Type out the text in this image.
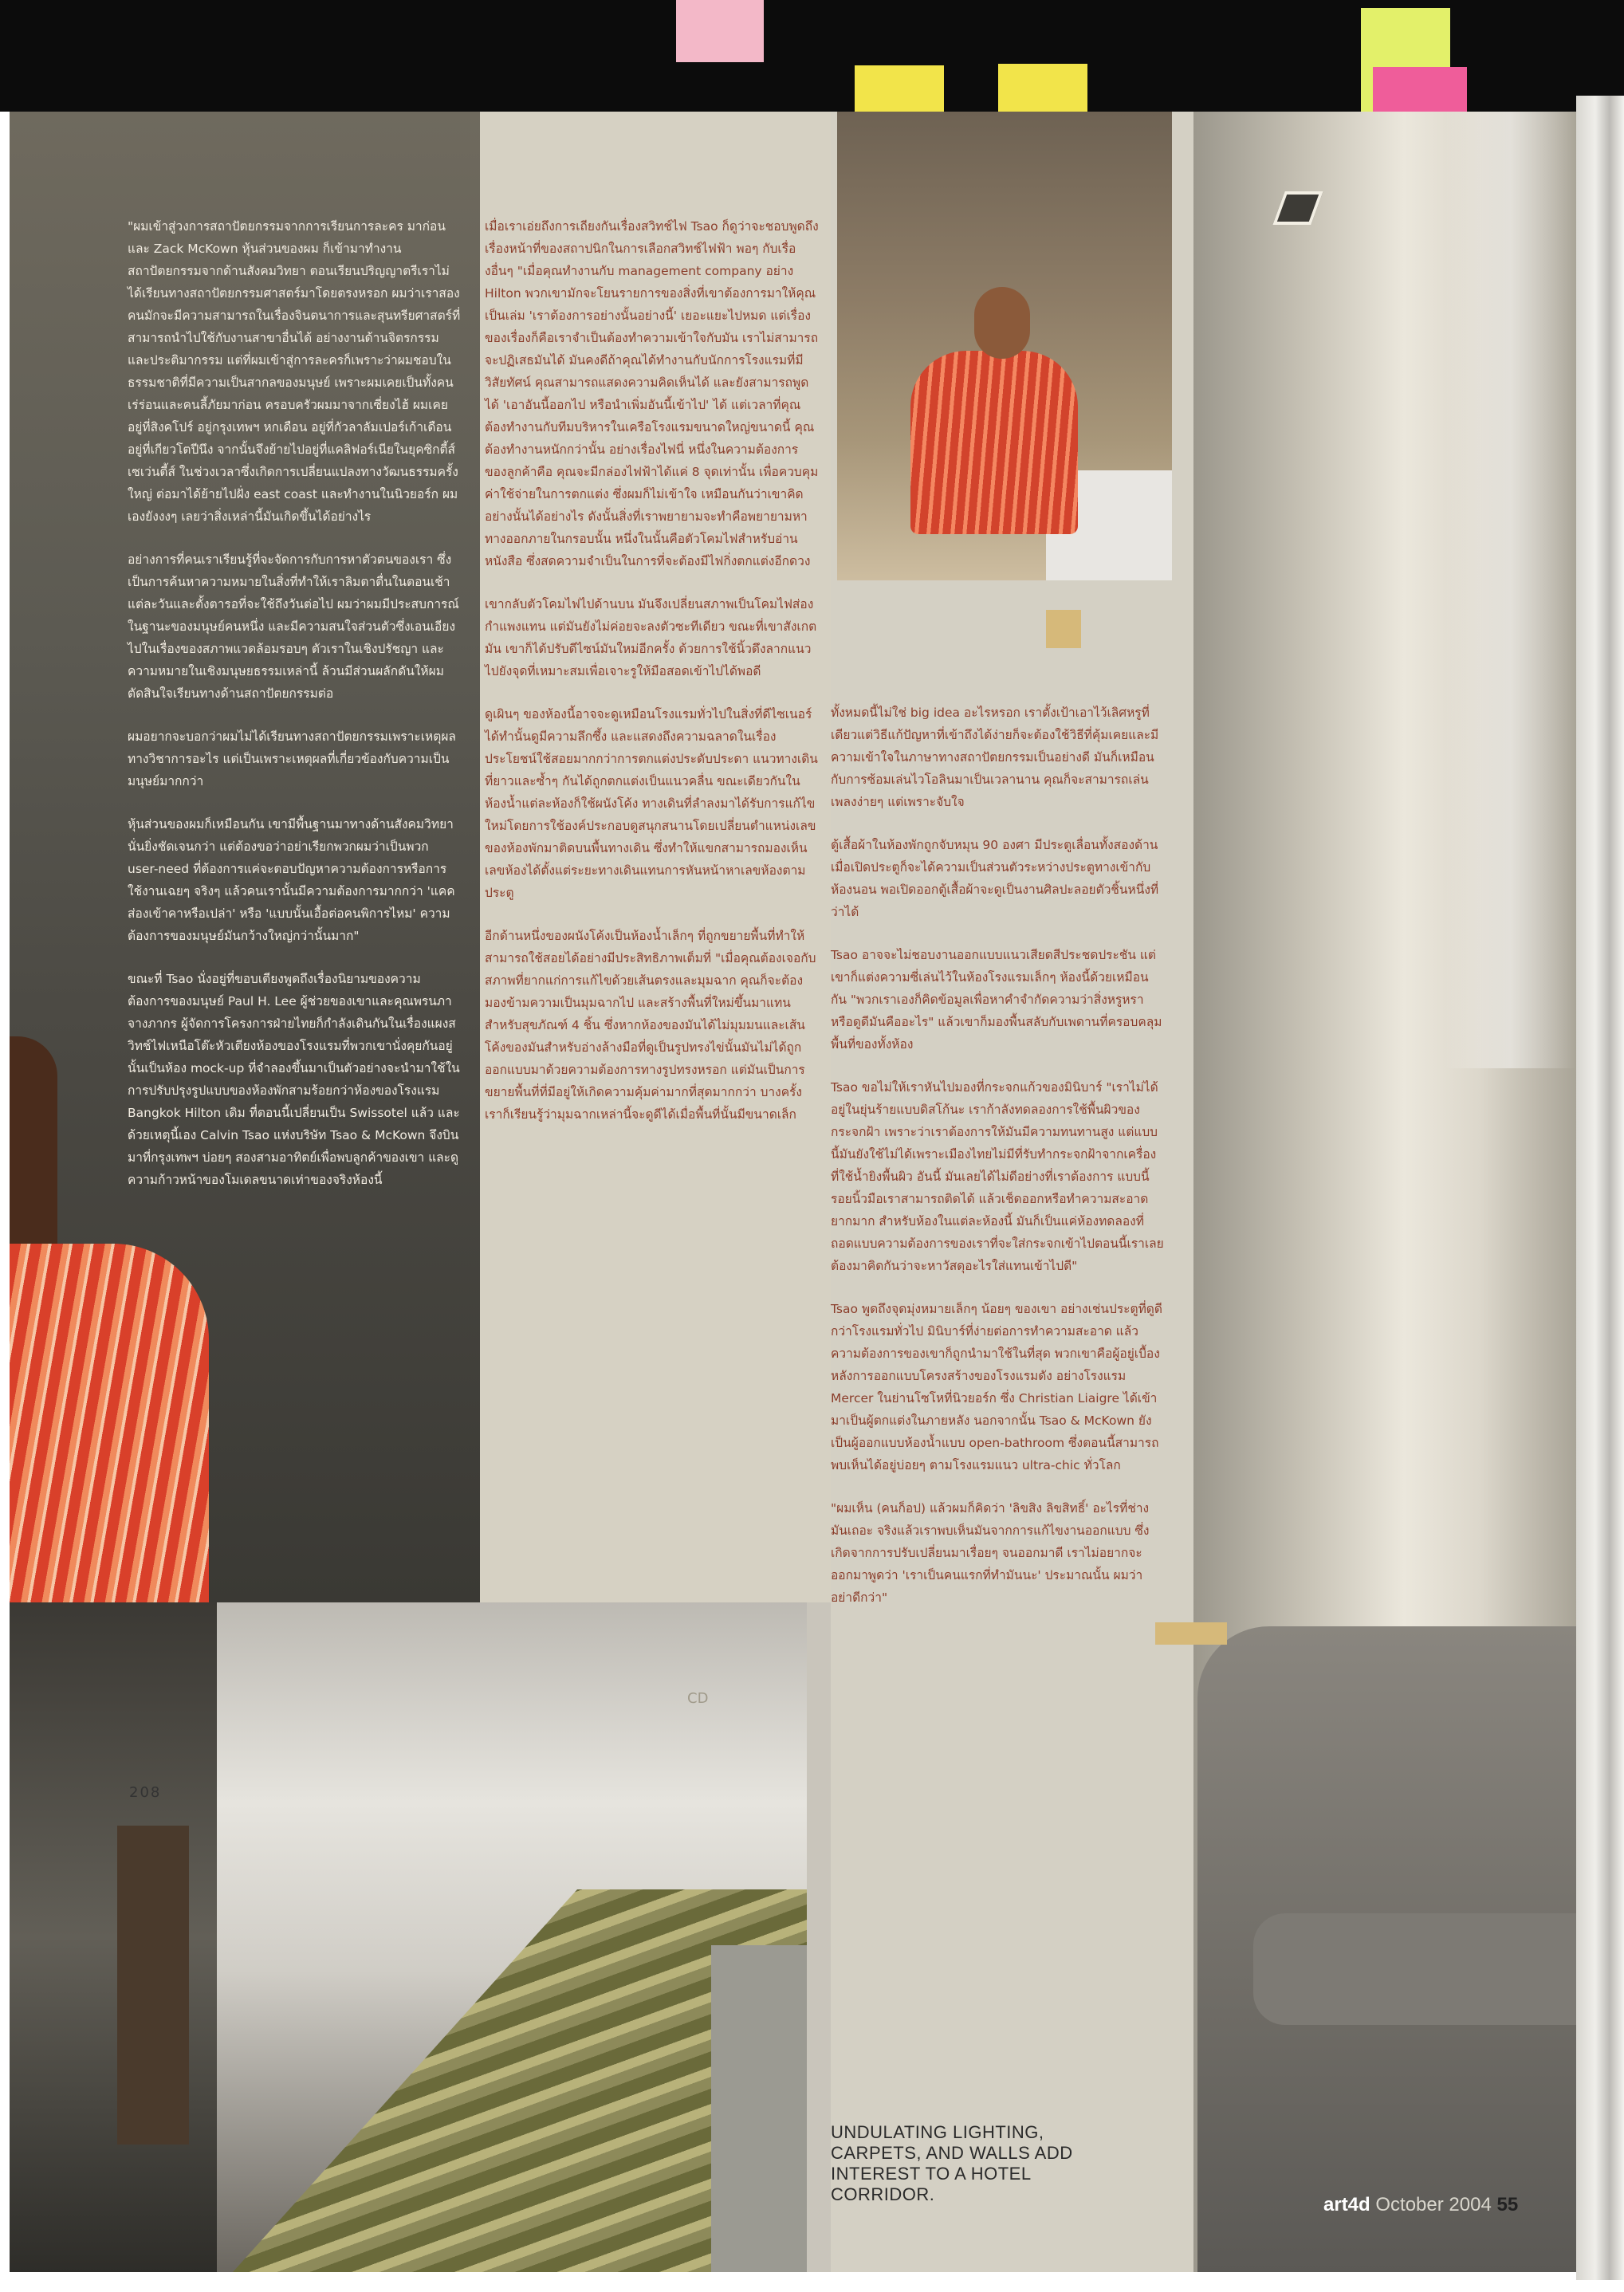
208

"ผมเข้าสู่วงการสถาปัตยกรรมจากการเรียนการละคร มาก่อน และ Zack McKown หุ้นส่วนของผม ก็เข้ามาทำงานสถาปัตยกรรมจากด้านสังคมวิทยา ตอนเรียนปริญญาตรีเราไม่ได้เรียนทางสถาปัตยกรรมศาสตร์มาโดยตรงหรอก ผมว่าเราสองคนมักจะมีความสามารถในเรื่องจินตนาการและสุนทรียศาสตร์ที่สามารถนำไปใช้กับงานสาขาอื่นได้ อย่างงานด้านจิตรกรรมและประติมากรรม แต่ที่ผมเข้าสู่การละครก็เพราะว่าผมชอบในธรรมชาติที่มีความเป็นสากลของมนุษย์ เพราะผมเคยเป็นทั้งคนเร่ร่อนและคนลี้ภัยมาก่อน ครอบครัวผมมาจากเซี่ยงไฮ้ ผมเคยอยู่ที่สิงคโปร์ อยู่กรุงเทพฯ หกเดือน อยู่ที่กัวลาลัมเปอร์เก้าเดือน อยู่ที่เกียวโตปีนึง จากนั้นจึงย้ายไปอยู่ที่แคลิฟอร์เนียในยุคซิกตี้ส์เซเว่นตี้ส์ ในช่วงเวลาซึ่งเกิดการเปลี่ยนแปลงทางวัฒนธรรมครั้งใหญ่ ต่อมาได้ย้ายไปฝั่ง east coast และทำงานในนิวยอร์ก ผมเองยังงงๆ เลยว่าสิ่งเหล่านี้มันเกิดขึ้นได้อย่างไร

อย่างการที่คนเราเรียนรู้ที่จะจัดการกับการหาตัวตนของเรา ซึ่งเป็นการค้นหาความหมายในสิ่งที่ทำให้เราลิมตาตื่นในตอนเช้าแต่ละวันและตั้งตารอที่จะใช้ถึงวันต่อไป ผมว่าผมมีประสบการณ์ในฐานะของมนุษย์คนหนึ่ง และมีความสนใจส่วนตัวซึ่งเอนเอียงไปในเรื่องของสภาพแวดล้อมรอบๆ ตัวเราในเชิงปรัชญา และความหมายในเชิงมนุษยธรรมเหล่านี้ ล้วนมีส่วนผลักดันให้ผมตัดสินใจเรียนทางด้านสถาปัตยกรรมต่อ

ผมอยากจะบอกว่าผมไม่ได้เรียนทางสถาปัตยกรรมเพราะเหตุผลทางวิชาการอะไร แต่เป็นเพราะเหตุผลที่เกี่ยวข้องกับความเป็นมนุษย์มากกว่า

หุ้นส่วนของผมก็เหมือนกัน เขามีพื้นฐานมาทางด้านสังคมวิทยา นั่นยิ่งชัดเจนกว่า แต่ต้องขอว่าอย่าเรียกพวกผมว่าเป็นพวก user-need ที่ต้องการแค่จะตอบปัญหาความต้องการหรือการใช้งานเฉยๆ จริงๆ แล้วคนเรานั้นมีความต้องการมากกว่า 'แคคส่องเข้าคาหรือเปล่า' หรือ 'แบบนั้นเอื้อต่อคนพิการไหม' ความต้องการของมนุษย์มันกว้างใหญ่กว่านั้นมาก"

ขณะที่ Tsao นั่งอยู่ที่ขอบเตียงพูดถึงเรื่องนิยามของความต้องการของมนุษย์ Paul H. Lee ผู้ช่วยของเขาและคุณพรนภา จางภากร ผู้จัดการโครงการฝ่ายไทยก็กำลังเดินกันในเรื่องแผงสวิทช์ไฟเหนือโต๊ะหัวเตียงห้องของโรงแรมที่พวกเขานั่งคุยกันอยู่นั้นเป็นห้อง mock-up ที่จำลองขึ้นมาเป็นตัวอย่างจะนำมาใช้ในการปรับปรุงรูปแบบของห้องพักสามร้อยกว่าห้องของโรงแรม Bangkok Hilton เดิม ที่ตอนนี้เปลี่ยนเป็น Swissotel แล้ว และด้วยเหตุนี้เอง Calvin Tsao แห่งบริษัท Tsao & McKown จึงบินมาที่กรุงเทพฯ บ่อยๆ สองสามอาทิตย์เพื่อพบลูกค้าของเขา และดูความก้าวหน้าของโมเดลขนาดเท่าของจริงห้องนี้

เมื่อเราเอ่ยถึงการเถียงกันเรื่องสวิทช์ไฟ Tsao ก็ดูว่าจะชอบพูดถึงเรื่องหน้าที่ของสถาปนิกในการเลือกสวิทช์ไฟฟ้า พอๆ กับเรื่องอื่นๆ "เมื่อคุณทำงานกับ management company อย่าง Hilton พวกเขามักจะโยนรายการของสิ่งที่เขาต้องการมาให้คุณเป็นเล่ม 'เราต้องการอย่างนั้นอย่างนี้' เยอะแยะไปหมด แต่เรื่องของเรื่องก็คือเราจำเป็นต้องทำความเข้าใจกับมัน เราไม่สามารถจะปฏิเสธมันได้ มันคงดีถ้าคุณได้ทำงานกับนักการโรงแรมที่มีวิสัยทัศน์ คุณสามารถแสดงความคิดเห็นได้ และยังสามารถพูดได้ 'เอาอันนี้ออกไป หรือนำเพิ่มอันนี้เข้าไป' ได้ แต่เวลาที่คุณต้องทำงานกับทีมบริหารในเครือโรงแรมขนาดใหญ่ขนาดนี้ คุณต้องทำงานหนักกว่านั้น อย่างเรื่องไฟนี่ หนึ่งในความต้องการของลูกค้าคือ คุณจะมีกล่องไฟฟ้าได้แค่ 8 จุดเท่านั้น เพื่อควบคุมค่าใช้จ่ายในการตกแต่ง ซึ่งผมก็ไม่เข้าใจ เหมือนกันว่าเขาคิดอย่างนั้นได้อย่างไร ดังนั้นสิ่งที่เราพยายามจะทำคือพยายามหาทางออกภายในกรอบนั้น หนึ่งในนั้นคือตัวโคมไฟสำหรับอ่านหนังสือ ซึ่งสดความจำเป็นในการที่จะต้องมีไฟกิ่งตกแต่งอีกดวง

เขากลับตัวโคมไฟไปด้านบน มันจึงเปลี่ยนสภาพเป็นโคมไฟส่องกำแพงแทน แต่มันยังไม่ค่อยจะลงตัวซะทีเดียว ขณะที่เขาสังเกตมัน เขาก็ได้ปรับดีไซน์มันใหม่อีกครั้ง ด้วยการใช้นิ้วดึงลากแนวไปยังจุดที่เหมาะสมเพื่อเจาะรูให้มือสอดเข้าไปได้พอดี

ดูเผินๆ ของห้องนี้อาจจะดูเหมือนโรงแรมทั่วไปในสิ่งที่ดีไซเนอร์ได้ทำนั้นดูมีความลึกซึ้ง และแสดงถึงความฉลาดในเรื่องประโยชน์ใช้สอยมากกว่าการตกแต่งประดับประดา แนวทางเดินที่ยาวและซ้ำๆ กันได้ถูกตกแต่งเป็นแนวคลื่น ขณะเดียวกันในห้องน้ำแต่ละห้องก็ใช้ผนังโค้ง ทางเดินที่ลำลงมาได้รับการแก้ไขใหม่โดยการใช้องค์ประกอบดูสนุกสนานโดยเปลี่ยนตำแหน่งเลขของห้องพักมาติดบนพื้นทางเดิน ซึ่งทำให้แขกสามารถมองเห็นเลขห้องได้ตั้งแต่ระยะทางเดินแทนการหันหน้าหาเลขห้องตามประตู

อีกด้านหนึ่งของผนังโค้งเป็นห้องน้ำเล็กๆ ที่ถูกขยายพื้นที่ทำให้สามารถใช้สอยได้อย่างมีประสิทธิภาพเต็มที่ "เมื่อคุณต้องเจอกับสภาพที่ยากแก่การแก้ไขด้วยเส้นตรงและมุมฉาก คุณก็จะต้องมองข้ามความเป็นมุมฉากไป และสร้างพื้นที่ใหม่ขึ้นมาแทนสำหรับสุขภัณฑ์ 4 ชิ้น ซึ่งหากห้องของมันได้ไม่มุมมนและเส้นโค้งของมันสำหรับอ่างล้างมือที่ดูเป็นรูปทรงไข่นั้นมันไม่ได้ถูกออกแบบมาด้วยความต้องการทางรูปทรงหรอก แต่มันเป็นการขยายพื้นที่ที่มีอยู่ให้เกิดความคุ้มค่ามากที่สุดมากกว่า บางครั้งเราก็เรียนรู้ว่ามุมฉากเหล่านี้จะดูดีได้เมื่อพื้นที่นั้นมีขนาดเล็ก

ทั้งหมดนี้ไม่ใช่ big idea อะไรหรอก เราตั้งเป้าเอาไว้เลิศหรูที่เดียวแต่วิธีแก้ปัญหาที่เข้าถึงได้ง่ายก็จะต้องใช้วิธีที่คุ้มเคยและมีความเข้าใจในภาษาทางสถาปัตยกรรมเป็นอย่างดี มันก็เหมือนกับการซ้อมเล่นไวโอลินมาเป็นเวลานาน คุณก็จะสามารถเล่นเพลงง่ายๆ แต่เพราะจับใจ

ตู้เสื้อผ้าในห้องพักถูกจับหมุน 90 องศา มีประตูเลื่อนทั้งสองด้าน เมื่อเปิดประตูก็จะได้ความเป็นส่วนตัวระหว่างประตูทางเข้ากับห้องนอน พอเปิดออกตู้เสื้อผ้าจะดูเป็นงานศิลปะลอยตัวชิ้นหนึ่งที่ว่าได้

Tsao อาจจะไม่ชอบงานออกแบบแนวเสียดสีประชดประชัน แต่เขาก็แต่งความซี่เล่นไว้ในห้องโรงแรมเล็กๆ ห้องนี้ด้วยเหมือนกัน "พวกเราเองก็คิดข้อมูลเพื่อหาคำจำกัดความว่าสิ่งหรูหราหรือดูดีมันคืออะไร" แล้วเขาก็มองพื้นสลับกับเพดานที่ครอบคลุมพื้นที่ของทั้งห้อง

Tsao ขอไม่ให้เราหันไปมองที่กระจกแก้วของมินิบาร์ "เราไม่ได้อยู่ในยุ่นร้ายแบบดิสโก้นะ เราก้าลังทดลองการใช้พื้นผิวของกระจกฝ้า เพราะว่าเราต้องการให้มันมีความทนทานสูง แต่แบบนี้มันยังใช้ไม่ได้เพราะเมืองไทยไม่มีที่รับทำกระจกฝ้าจากเครื่องที่ใช้น้ำยิงพื้นผิว อันนี้ มันเลยได้ไม่ดีอย่างที่เราต้องการ แบบนี้รอยนิ้วมือเราสามารถติดได้ แล้วเช็ดออกหรือทำความสะอาดยากมาก สำหรับห้องในแต่ละห้องนี้ มันก็เป็นแค่ห้องทดลองที่ถอดแบบความต้องการของเราที่จะใส่กระจกเข้าไปตอนนี้เราเลยต้องมาคิดกันว่าจะหาวัสดุอะไรใส่แทนเข้าไปดี"

Tsao พูดถึงจุดมุ่งหมายเล็กๆ น้อยๆ ของเขา อย่างเช่นประตูที่ดูดีกว่าโรงแรมทั่วไป มินิบาร์ที่ง่ายต่อการทำความสะอาด แล้วความต้องการของเขาก็ถูกนำมาใช้ในที่สุด พวกเขาคือผู้อยู่เบื้องหลังการออกแบบโครงสร้างของโรงแรมดัง อย่างโรงแรม Mercer ในย่านโซโหที่นิวยอร์ก ซึ่ง Christian Liaigre ได้เข้ามาเป็นผู้ตกแต่งในภายหลัง นอกจากนั้น Tsao & McKown ยังเป็นผู้ออกแบบห้องน้ำแบบ open-bathroom ซึ่งตอนนี้สามารถพบเห็นได้อยู่บ่อยๆ ตามโรงแรมแนว ultra-chic ทั่วโลก

"ผมเห็น (คนก็อป) แล้วผมก็คิดว่า 'ลิขสิง ลิขสิทธิ์' อะไรที่ช่างมันเถอะ จริงแล้วเราพบเห็นมันจากการแก้ไขงานออกแบบ ซึ่งเกิดจากการปรับเปลี่ยนมาเรื่อยๆ จนออกมาดี เราไม่อยากจะออกมาพูดว่า 'เราเป็นคนแรกที่ทำมันนะ' ประมาณนั้น ผมว่าอย่าดีกว่า"

CD
UNDULATING LIGHTING, CARPETS, AND WALLS ADD INTEREST TO A HOTEL CORRIDOR.	art4d October 2004 55
